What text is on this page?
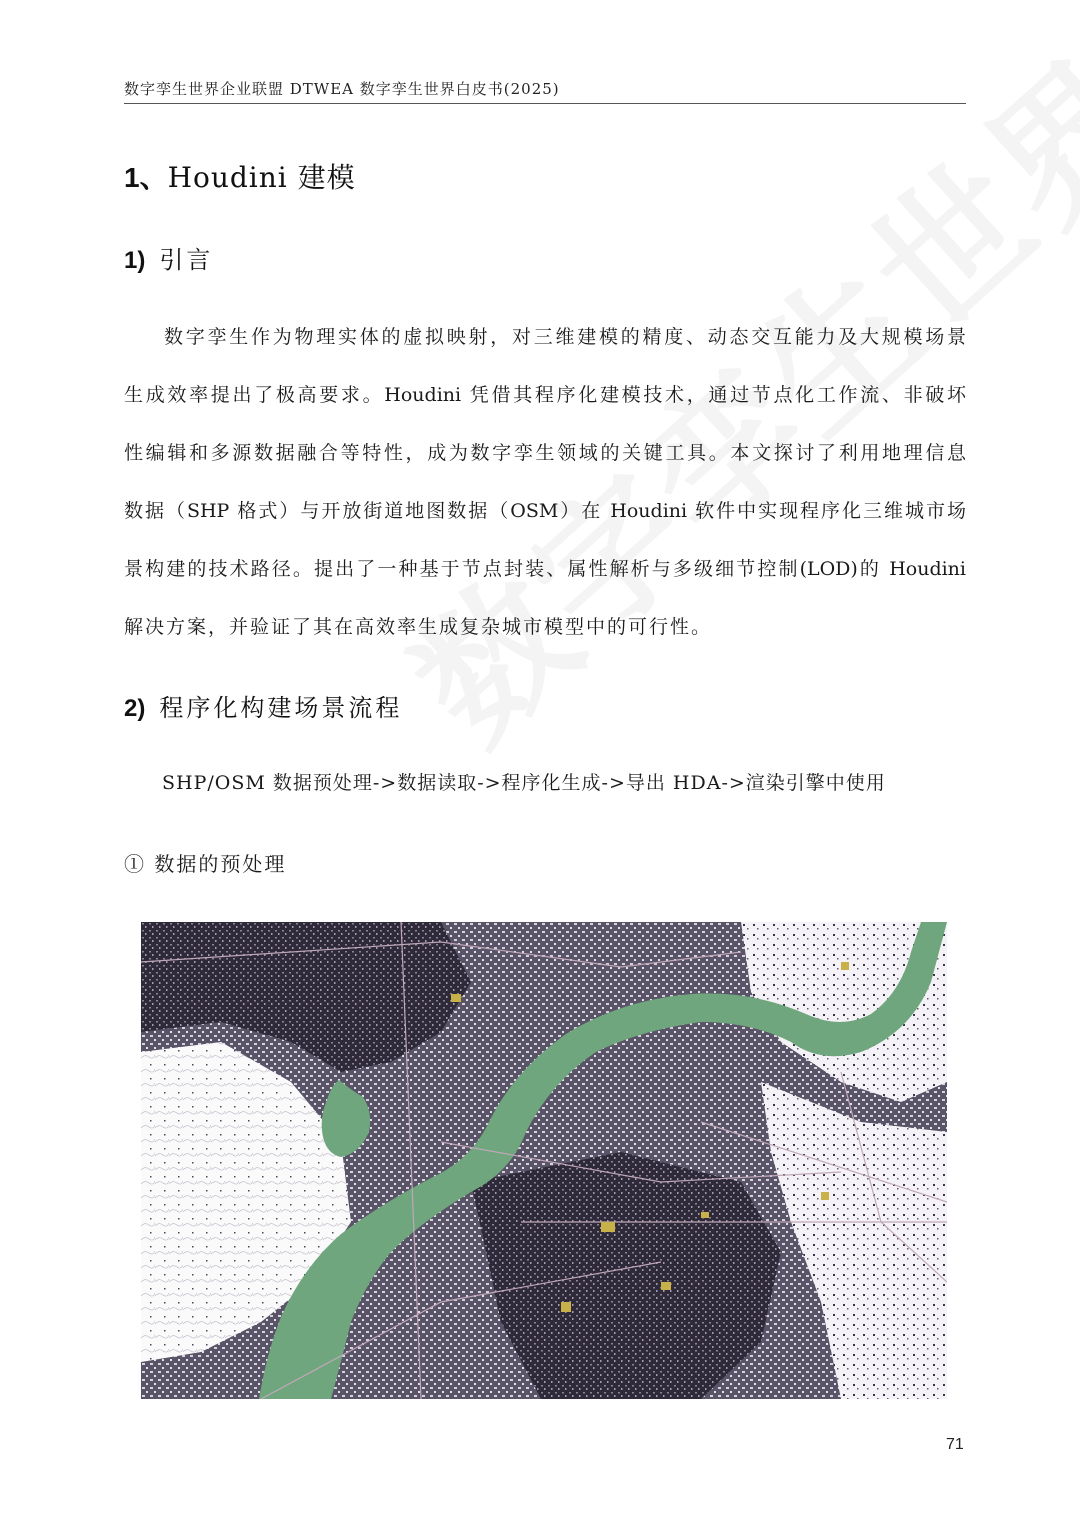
数字孪生世界企业联盟 DTWEA 数字孪生世界白皮书(2025)
1、Houdini 建模
1) 引言
数字孪生作为物理实体的虚拟映射，对三维建模的精度、动态交互能力及大规模场景
生成效率提出了极高要求。Houdini 凭借其程序化建模技术，通过节点化工作流、非破坏
性编辑和多源数据融合等特性，成为数字孪生领域的关键工具。本文探讨了利用地理信息
数据（SHP 格式）与开放街道地图数据（OSM）在 Houdini 软件中实现程序化三维城市场
景构建的技术路径。提出了一种基于节点封装、属性解析与多级细节控制(LOD)的 Houdini
解决方案，并验证了其在高效率生成复杂城市模型中的可行性。
2) 程序化构建场景流程
SHP/OSM 数据预处理->数据读取->程序化生成->导出 HDA->渲染引擎中使用
① 数据的预处理
71
